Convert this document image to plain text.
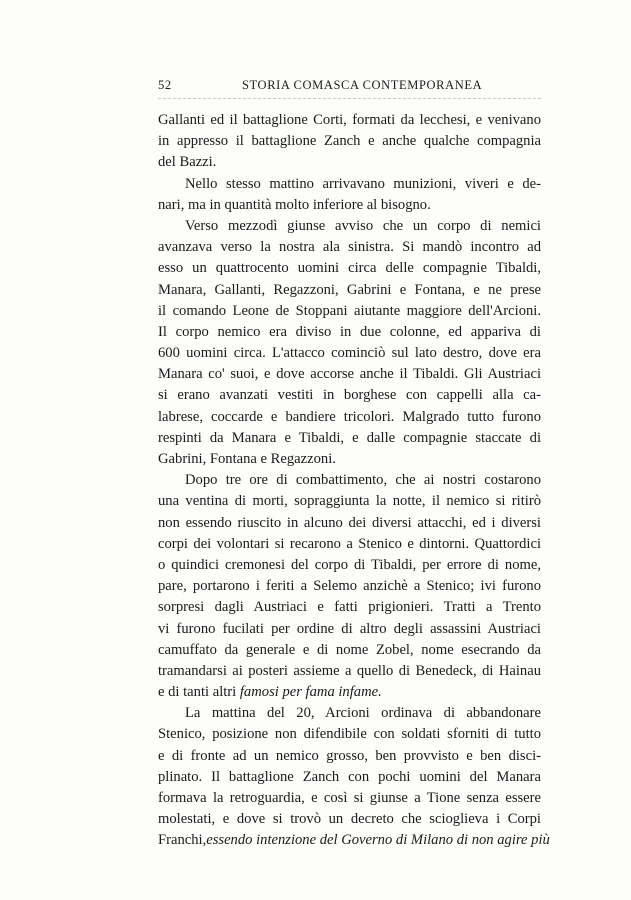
52	STORIA COMASCA CONTEMPORANEA
Gallanti ed il battaglione Corti, formati da lecchesi, e venivano
in appresso il battaglione Zanch e anche qualche compagnia
del Bazzi.
Nello stesso mattino arrivavano munizioni, viveri e de-
nari, ma in quantità molto inferiore al bisogno.
Verso mezzodì giunse avviso che un corpo di nemici
avanzava verso la nostra ala sinistra. Si mandò incontro ad
esso un quattrocento uomini circa delle compagnie Tibaldi,
Manara, Gallanti, Regazzoni, Gabrini e Fontana, e ne prese
il comando Leone de Stoppani aiutante maggiore dell'Arcioni.
Il corpo nemico era diviso in due colonne, ed appariva di
600 uomini circa. L'attacco cominciò sul lato destro, dove era
Manara co' suoi, e dove accorse anche il Tibaldi. Gli Austriaci
si erano avanzati vestiti in borghese con cappelli alla ca-
labrese, coccarde e bandiere tricolori. Malgrado tutto furono
respinti da Manara e Tibaldi, e dalle compagnie staccate di
Gabrini, Fontana e Regazzoni.
Dopo tre ore di combattimento, che ai nostri costarono
una ventina di morti, sopraggiunta la notte, il nemico si ritirò
non essendo riuscito in alcuno dei diversi attacchi, ed i diversi
corpi dei volontari si recarono a Stenico e dintorni. Quattordici
o quindici cremonesi del corpo di Tibaldi, per errore di nome,
pare, portarono i feriti a Selemo anzichè a Stenico; ivi furono
sorpresi dagli Austriaci e fatti prigionieri. Tratti a Trento
vi furono fucilati per ordine di altro degli assassini Austriaci
camuffato da generale e di nome Zobel, nome esecrando da
tramandarsi ai posteri assieme a quello di Benedeck, di Hainau
e di tanti altri famosi per fama infame.
La mattina del 20, Arcioni ordinava di abbandonare
Stenico, posizione non difendibile con soldati sforniti di tutto
e di fronte ad un nemico grosso, ben provvisto e ben disci-
plinato. Il battaglione Zanch con pochi uomini del Manara
formava la retroguardia, e così si giunse a Tione senza essere
molestati, e dove si trovò un decreto che scioglieva i Corpi
Franchi,essendo intenzione del Governo di Milano di non agire più
